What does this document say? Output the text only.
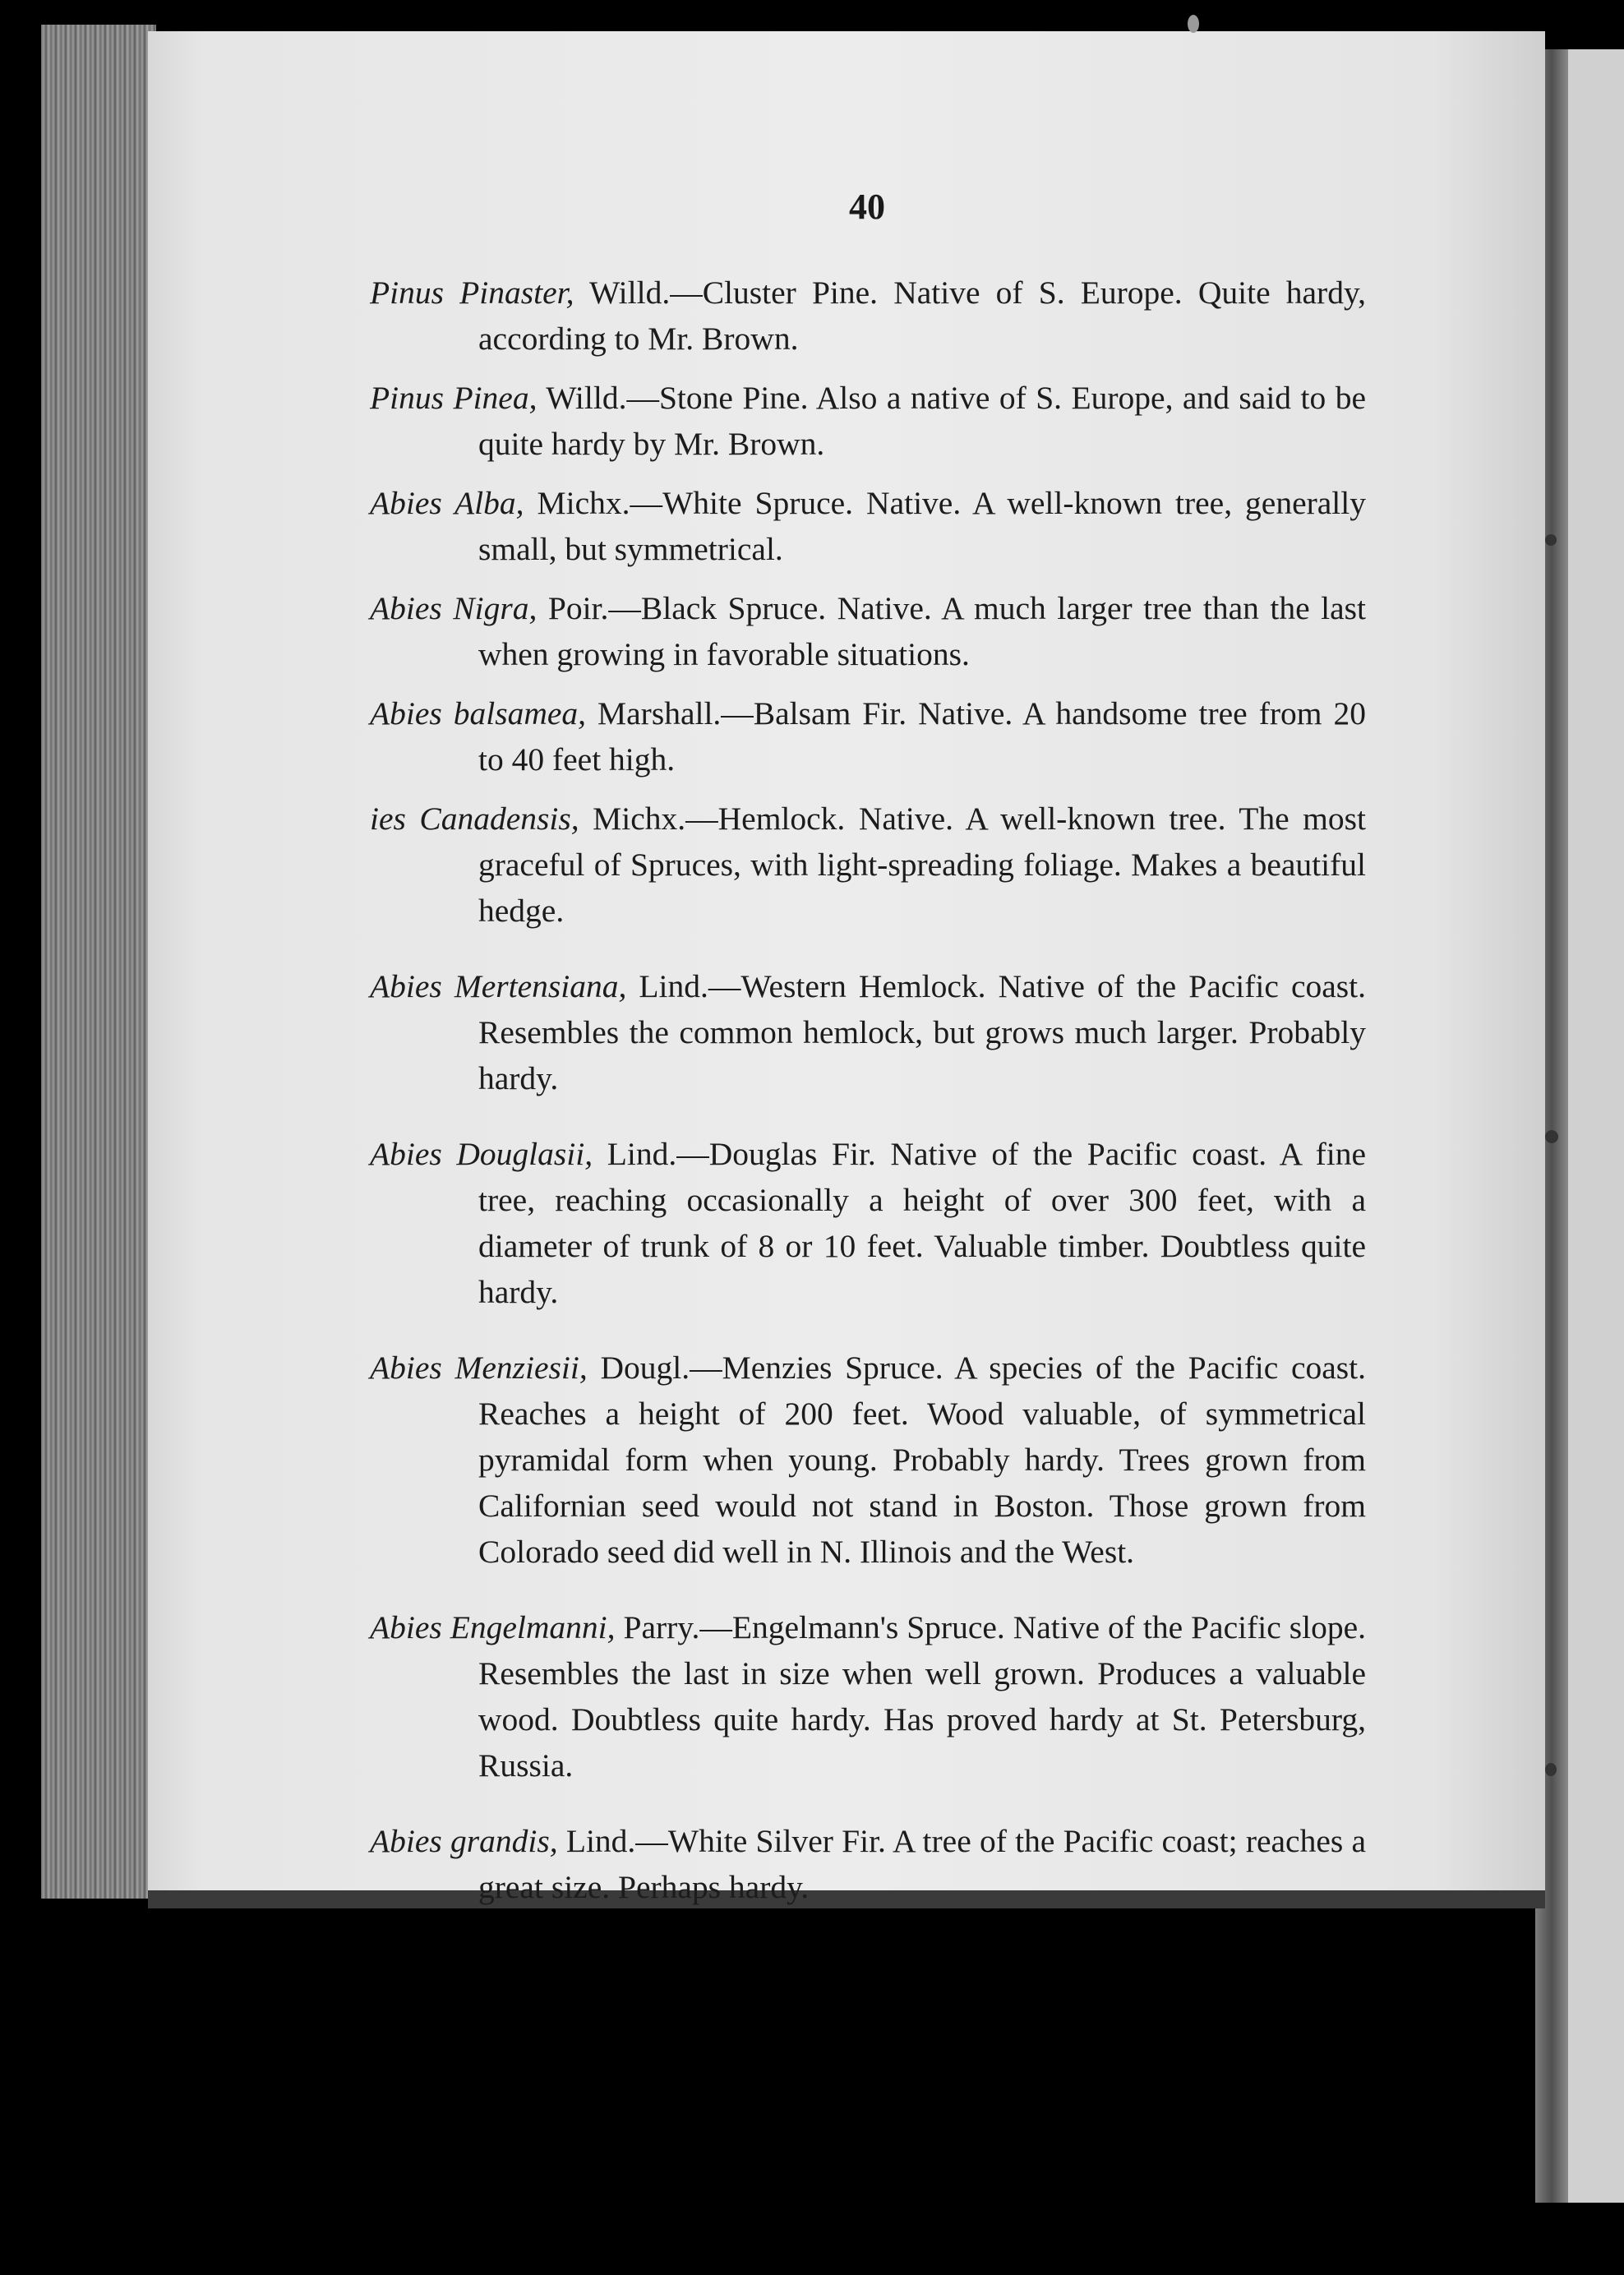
40

Pinus Pinaster, Willd.—Cluster Pine. Native of S. Europe. Quite hardy, according to Mr. Brown.

Pinus Pinea, Willd.—Stone Pine. Also a native of S. Europe, and said to be quite hardy by Mr. Brown.

Abies Alba, Michx.—White Spruce. Native. A well-known tree, generally small, but symmetrical.

Abies Nigra, Poir.—Black Spruce. Native. A much larger tree than the last when growing in favorable situations.

Abies balsamea, Marshall.—Balsam Fir. Native. A handsome tree from 20 to 40 feet high.

ies Canadensis, Michx.—Hemlock. Native. A well-known tree. The most graceful of Spruces, with light-spreading foliage. Makes a beautiful hedge.

Abies Mertensiana, Lind.—Western Hemlock. Native of the Pacific coast. Resembles the common hemlock, but grows much larger. Probably hardy.

Abies Douglasii, Lind.—Douglas Fir. Native of the Pacific coast. A fine tree, reaching occasionally a height of over 300 feet, with a diameter of trunk of 8 or 10 feet. Valuable timber. Doubtless quite hardy.

Abies Menziesii, Dougl.—Menzies Spruce. A species of the Pacific coast. Reaches a height of 200 feet. Wood valuable, of symmetrical pyramidal form when young. Probably hardy. Trees grown from Californian seed would not stand in Boston. Those grown from Colorado seed did well in N. Illinois and the West.

Abies Engelmanni, Parry.—Engelmann's Spruce. Native of the Pacific slope. Resembles the last in size when well grown. Produces a valuable wood. Doubtless quite hardy. Has proved hardy at St. Petersburg, Russia.

Abies grandis, Lind.—White Silver Fir. A tree of the Pacific coast; reaches a great size. Perhaps hardy.
